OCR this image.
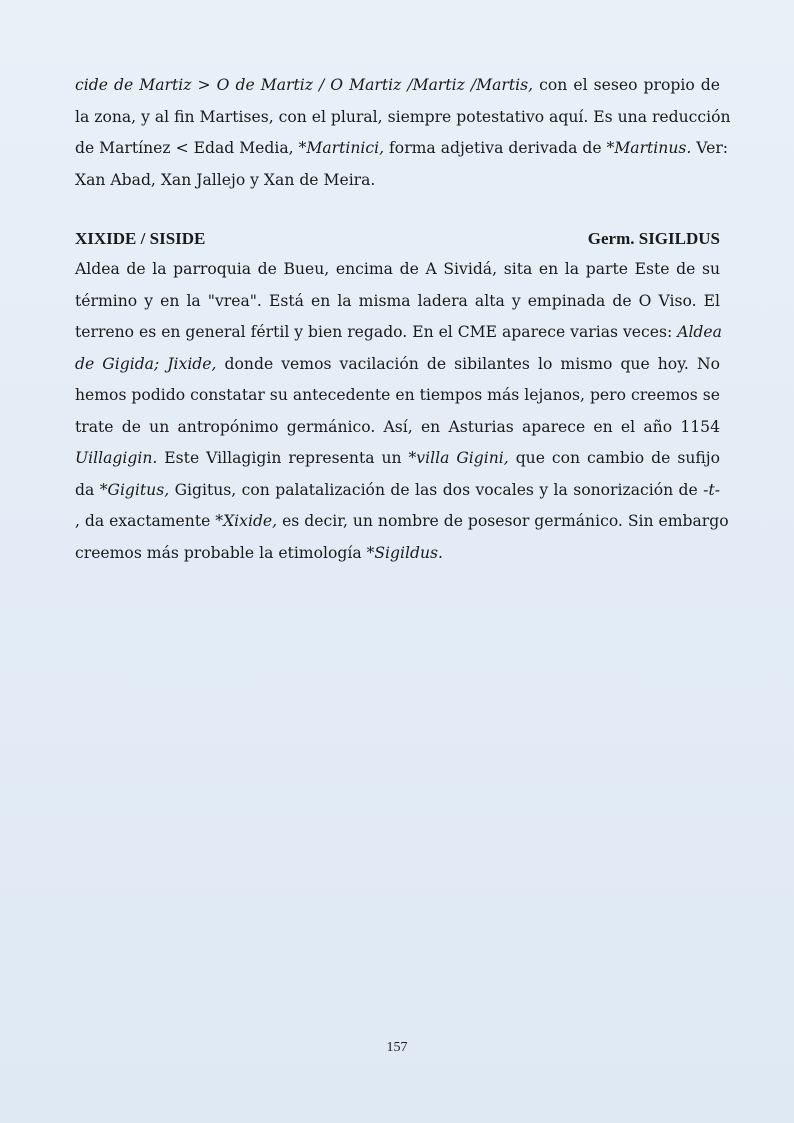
cide de Martiz > O de Martiz / O Martiz /Martiz /Martis, con el seseo propio de
la zona, y al fin Martises, con el plural, siempre potestativo aquí. Es una reducción
de Martínez < Edad Media, *Martinici, forma adjetiva derivada de *Martinus. Ver:
Xan Abad, Xan Jallejo y Xan de Meira.
XIXIDE / SISIDE	Germ. SIGILDUS
Aldea de la parroquia de Bueu, encima de A Sividá, sita en la parte Este de su
término y en la "vrea". Está en la misma ladera alta y empinada de O Viso. El
terreno es en general fértil y bien regado. En el CME aparece varias veces: Aldea
de Gigida; Jixide, donde vemos vacilación de sibilantes lo mismo que hoy. No
hemos podido constatar su antecedente en tiempos más lejanos, pero creemos se
trate de un antropónimo germánico. Así, en Asturias aparece en el año 1154
Uillagigin. Este Villagigin representa un *villa Gigini, que con cambio de sufijo
da *Gigitus, Gigitus, con palatalización de las dos vocales y la sonorización de -t-
, da exactamente *Xixide, es decir, un nombre de posesor germánico. Sin embargo
creemos más probable la etimología *Sigildus.
157
